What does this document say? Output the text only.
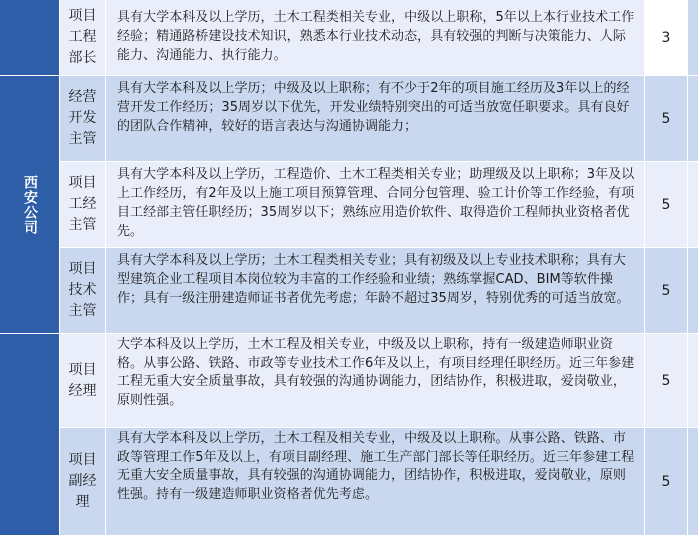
西安公司
项目工程部长
具有大学本科及以上学历，土木工程类相关专业，中级以上职称，5年以上本行业技术工作经验；精通路桥建设技术知识，熟悉本行业技术动态，具有较强的判断与决策能力、人际能力、沟通能力、执行能力。
3
经营开发主管
具有大学本科及以上学历；中级及以上职称；有不少于2年的项目施工经历及3年以上的经营开发工作经历；35周岁以下优先，开发业绩特别突出的可适当放宽任职要求。具有良好的团队合作精神，较好的语言表达与沟通协调能力；	5
项目工经主管
具有大学本科及以上学历，工程造价、土木工程类相关专业；助理级及以上职称；3年及以上工作经历，有2年及以上施工项目预算管理、合同分包管理、验工计价等工作经验，有项目工经部主管任职经历；35周岁以下；熟练应用造价软件、取得造价工程师执业资格者优先。
5
项目技术主管
具有大学本科及以上学历；土木工程类相关专业；具有初级及以上专业技术职称；具有大型建筑企业工程项目本岗位较为丰富的工作经验和业绩；熟练掌握CAD、BIM等软件操作；具有一级注册建造师证书者优先考虑；年龄不超过35周岁，特别优秀的可适当放宽。	5
项目经理
大学本科及以上学历，土木工程及相关专业，中级及以上职称，持有一级建造师职业资格。从事公路、铁路、市政等专业技术工作6年及以上，有项目经理任职经历。近三年参建工程无重大安全质量事故，具有较强的沟通协调能力，团结协作，积极进取，爱岗敬业，原则性强。
5
项目副经理
具有大学本科及以上学历，土木工程及相关专业，中级及以上职称。从事公路、铁路、市政等管理工作5年及以上，有项目副经理、施工生产部门部长等任职经历。近三年参建工程无重大安全质量事故，具有较强的沟通协调能力，团结协作，积极进取，爱岗敬业，原则性强。持有一级建造师职业资格者优先考虑。
5
